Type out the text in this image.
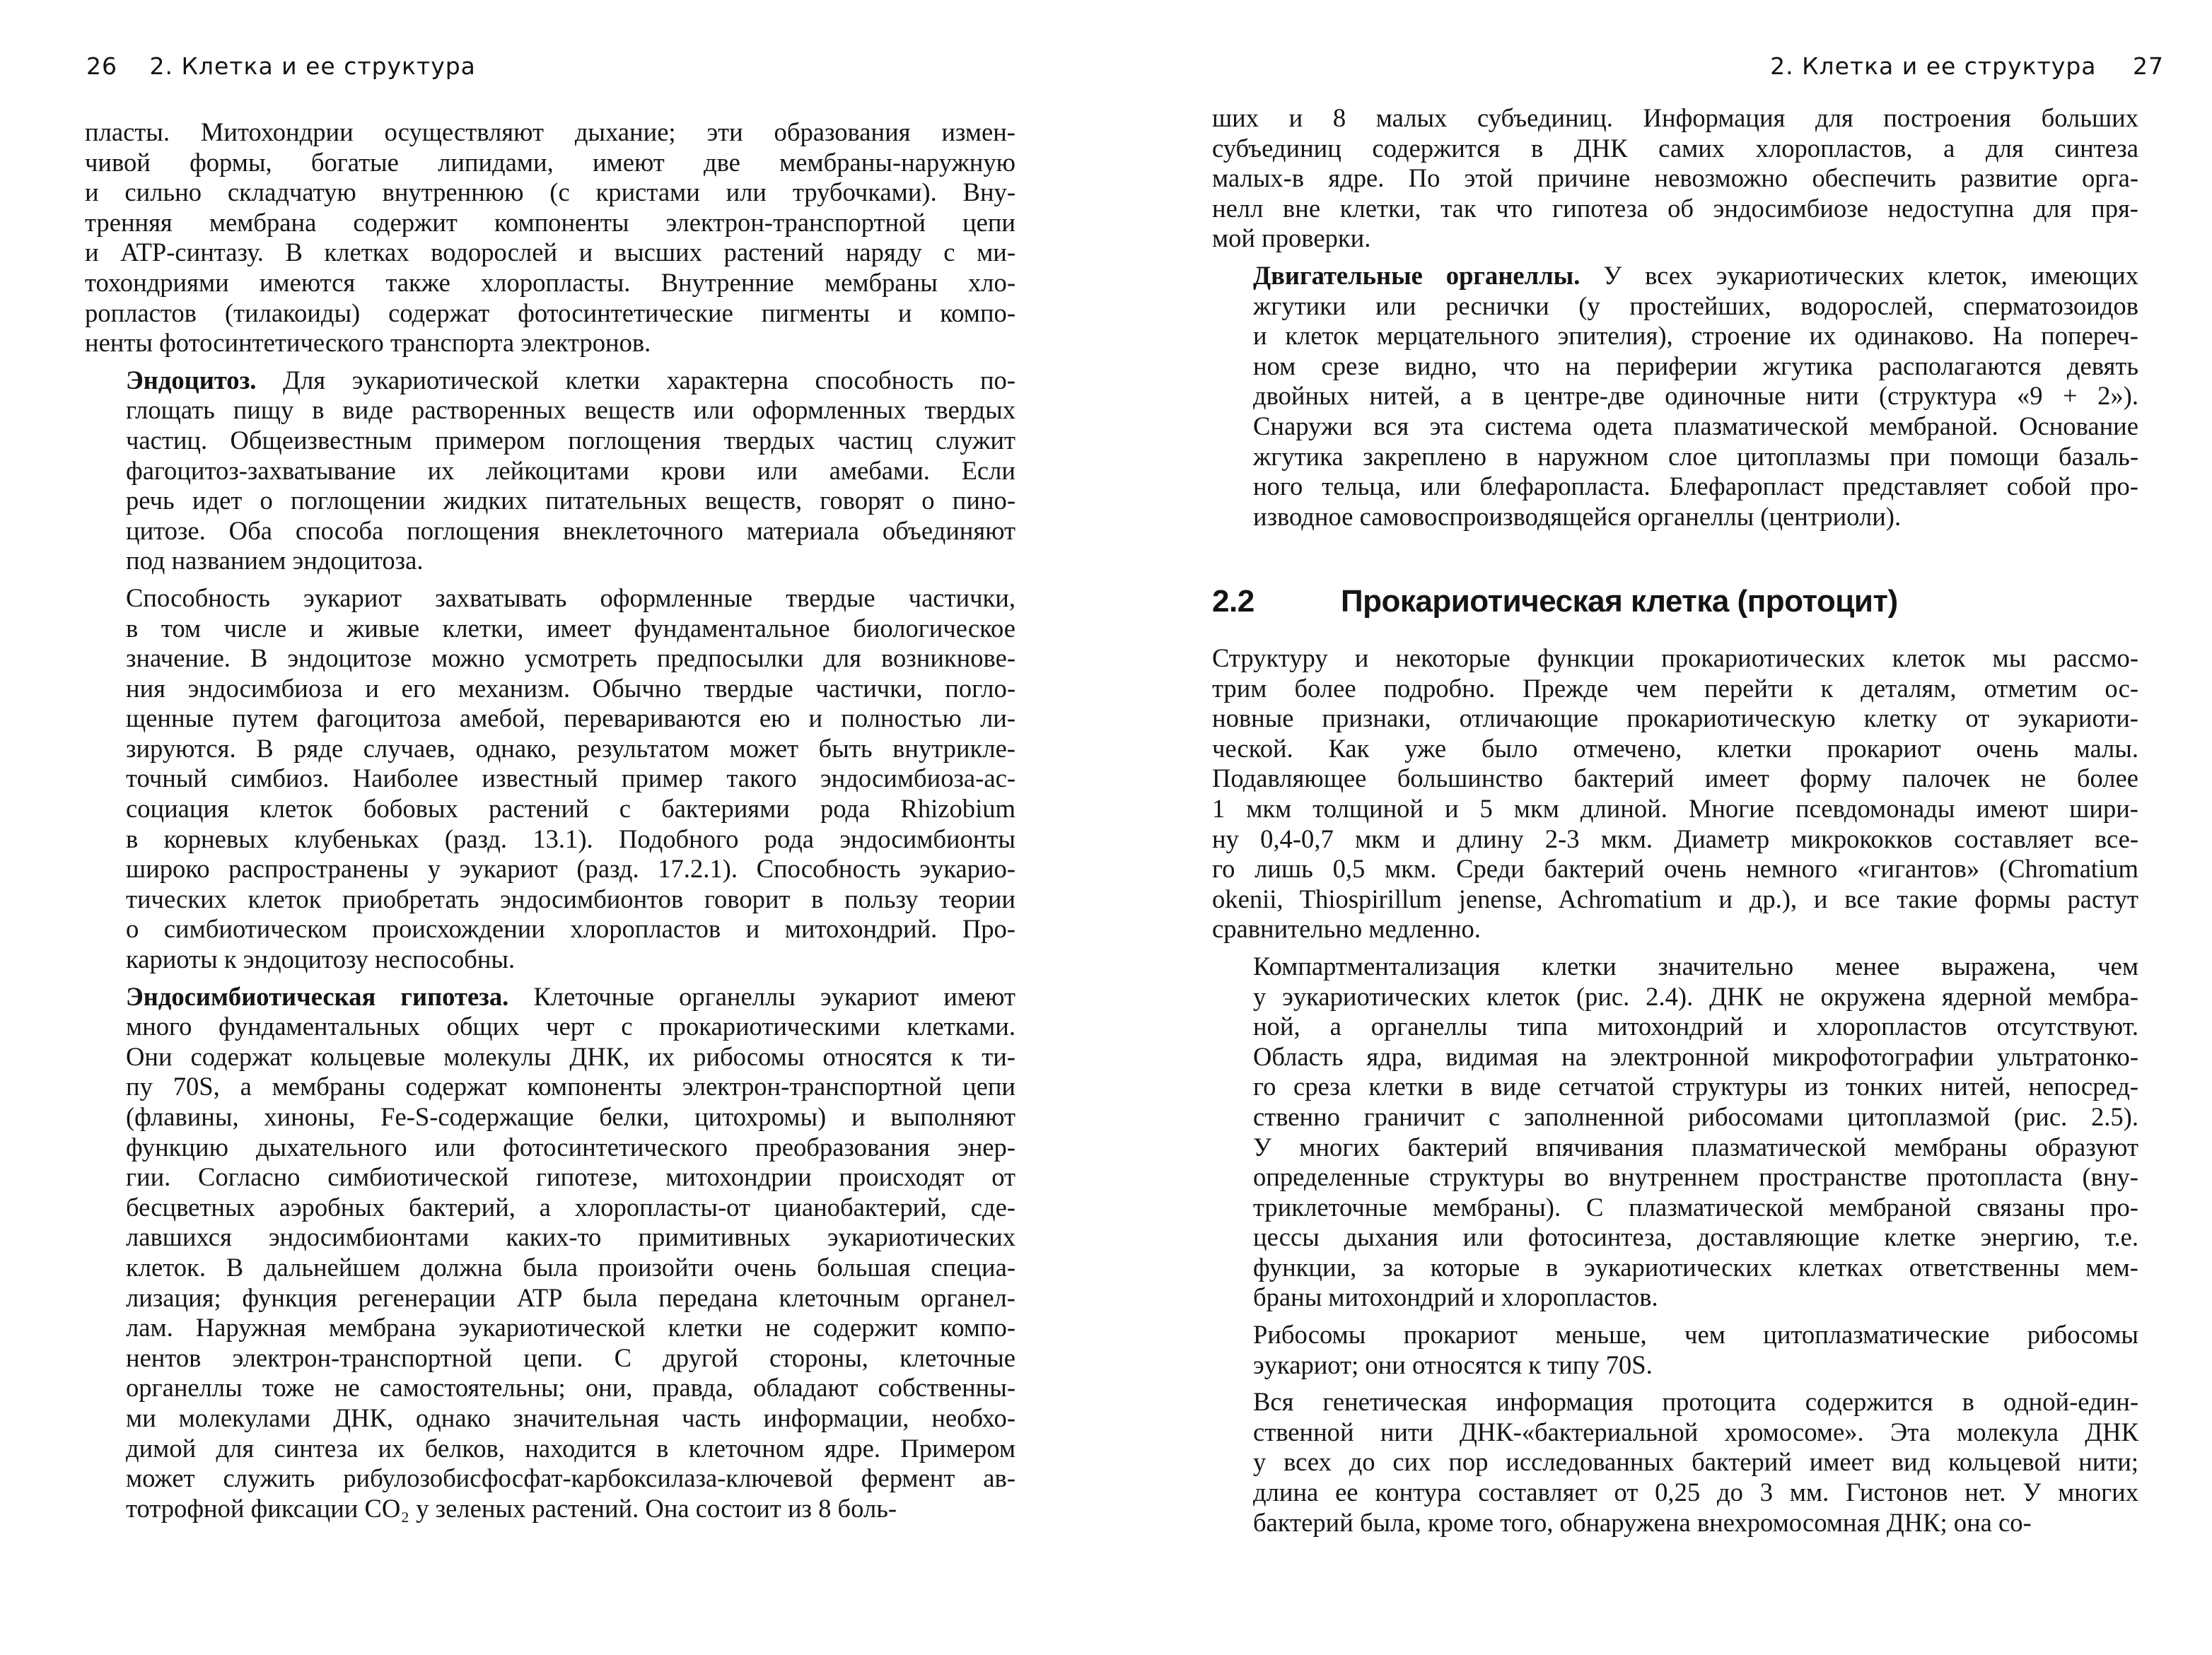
26 2. Клетка и ее структура
пласты. Митохондрии осуществляют дыхание; эти образования измен-
чивой формы, богатые липидами, имеют две мембраны-наружную
и сильно складчатую внутреннюю (с кристами или трубочками). Вну-
тренняя мембрана содержит компоненты электрон-транспортной цепи
и ATP-синтазу. В клетках водорослей и высших растений наряду с ми-
тохондриями имеются также хлоропласты. Внутренние мембраны хло-
ропластов (тилакоиды) содержат фотосинтетические пигменты и компо-
ненты фотосинтетического транспорта электронов.
Эндоцитоз. Для эукариотической клетки характерна способность по-
глощать пищу в виде растворенных веществ или оформленных твердых
частиц. Общеизвестным примером поглощения твердых частиц служит
фагоцитоз-захватывание их лейкоцитами крови или амебами. Если
речь идет о поглощении жидких питательных веществ, говорят о пино-
цитозе. Оба способа поглощения внеклеточного материала объединяют
под названием эндоцитоза.
Способность эукариот захватывать оформленные твердые частички,
в том числе и живые клетки, имеет фундаментальное биологическое
значение. В эндоцитозе можно усмотреть предпосылки для возникнове-
ния эндосимбиоза и его механизм. Обычно твердые частички, погло-
щенные путем фагоцитоза амебой, перевариваются ею и полностью ли-
зируются. В ряде случаев, однако, результатом может быть внутрикле-
точный симбиоз. Наиболее известный пример такого эндосимбиоза-ас-
социация клеток бобовых растений с бактериями рода Rhizobium
в корневых клубеньках (разд. 13.1). Подобного рода эндосимбионты
широко распространены у эукариот (разд. 17.2.1). Способность эукарио-
тических клеток приобретать эндосимбионтов говорит в пользу теории
о симбиотическом происхождении хлоропластов и митохондрий. Про-
кариоты к эндоцитозу неспособны.
Эндосимбиотическая гипотеза. Клеточные органеллы эукариот имеют
много фундаментальных общих черт с прокариотическими клетками.
Они содержат кольцевые молекулы ДНК, их рибосомы относятся к ти-
пу 70S, а мембраны содержат компоненты электрон-транспортной цепи
(флавины, хиноны, Fe-S-содержащие белки, цитохромы) и выполняют
функцию дыхательного или фотосинтетического преобразования энер-
гии. Согласно симбиотической гипотезе, митохондрии происходят от
бесцветных аэробных бактерий, а хлоропласты-от цианобактерий, сде-
лавшихся эндосимбионтами каких-то примитивных эукариотических
клеток. В дальнейшем должна была произойти очень большая специа-
лизация; функция регенерации ATP была передана клеточным органел-
лам. Наружная мембрана эукариотической клетки не содержит компо-
нентов электрон-транспортной цепи. С другой стороны, клеточные
органеллы тоже не самостоятельны; они, правда, обладают собственны-
ми молекулами ДНК, однако значительная часть информации, необхо-
димой для синтеза их белков, находится в клеточном ядре. Примером
может служить рибулозобисфосфат-карбоксилаза-ключевой фермент ав-
тотрофной фиксации CO₂ у зеленых растений. Она состоит из 8 боль-
2. Клетка и ее структура 27
ших и 8 малых субъединиц. Информация для построения больших
субъединиц содержится в ДНК самих хлоропластов, а для синтеза
малых-в ядре. По этой причине невозможно обеспечить развитие орга-
нелл вне клетки, так что гипотеза об эндосимбиозе недоступна для пря-
мой проверки.
Двигательные органеллы. У всех эукариотических клеток, имеющих
жгутики или реснички (у простейших, водорослей, сперматозоидов
и клеток мерцательного эпителия), строение их одинаково. На попереч-
ном срезе видно, что на периферии жгутика располагаются девять
двойных нитей, а в центре-две одиночные нити (структура «9 + 2»).
Снаружи вся эта система одета плазматической мембраной. Основание
жгутика закреплено в наружном слое цитоплазмы при помощи базаль-
ного тельца, или блефаропласта. Блефаропласт представляет собой про-
изводное самовоспроизводящейся органеллы (центриоли).
2.2	Прокариотическая клетка (протоцит)
Структуру и некоторые функции прокариотических клеток мы рассмо-
трим более подробно. Прежде чем перейти к деталям, отметим ос-
новные признаки, отличающие прокариотическую клетку от эукариоти-
ческой. Как уже было отмечено, клетки прокариот очень малы.
Подавляющее большинство бактерий имеет форму палочек не более
1 мкм толщиной и 5 мкм длиной. Многие псевдомонады имеют шири-
ну 0,4-0,7 мкм и длину 2-3 мкм. Диаметр микрококков составляет все-
го лишь 0,5 мкм. Среди бактерий очень немного «гигантов» (Chromatium
okenii, Thiospirillum jenense, Achromatium и др.), и все такие формы растут
сравнительно медленно.
Компартментализация клетки значительно менее выражена, чем
у эукариотических клеток (рис. 2.4). ДНК не окружена ядерной мембра-
ной, а органеллы типа митохондрий и хлоропластов отсутствуют.
Область ядра, видимая на электронной микрофотографии ультратонко-
го среза клетки в виде сетчатой структуры из тонких нитей, непосред-
ственно граничит с заполненной рибосомами цитоплазмой (рис. 2.5).
У многих бактерий впячивания плазматической мембраны образуют
определенные структуры во внутреннем пространстве протопласта (вну-
триклеточные мембраны). С плазматической мембраной связаны про-
цессы дыхания или фотосинтеза, доставляющие клетке энергию, т.е.
функции, за которые в эукариотических клетках ответственны мем-
браны митохондрий и хлоропластов.
Рибосомы прокариот меньше, чем цитоплазматические рибосомы
эукариот; они относятся к типу 70S.
Вся генетическая информация протоцита содержится в одной-един-
ственной нити ДНК-«бактериальной хромосоме». Эта молекула ДНК
у всех до сих пор исследованных бактерий имеет вид кольцевой нити;
длина ее контура составляет от 0,25 до 3 мм. Гистонов нет. У многих
бактерий была, кроме того, обнаружена внехромосомная ДНК; она со-
